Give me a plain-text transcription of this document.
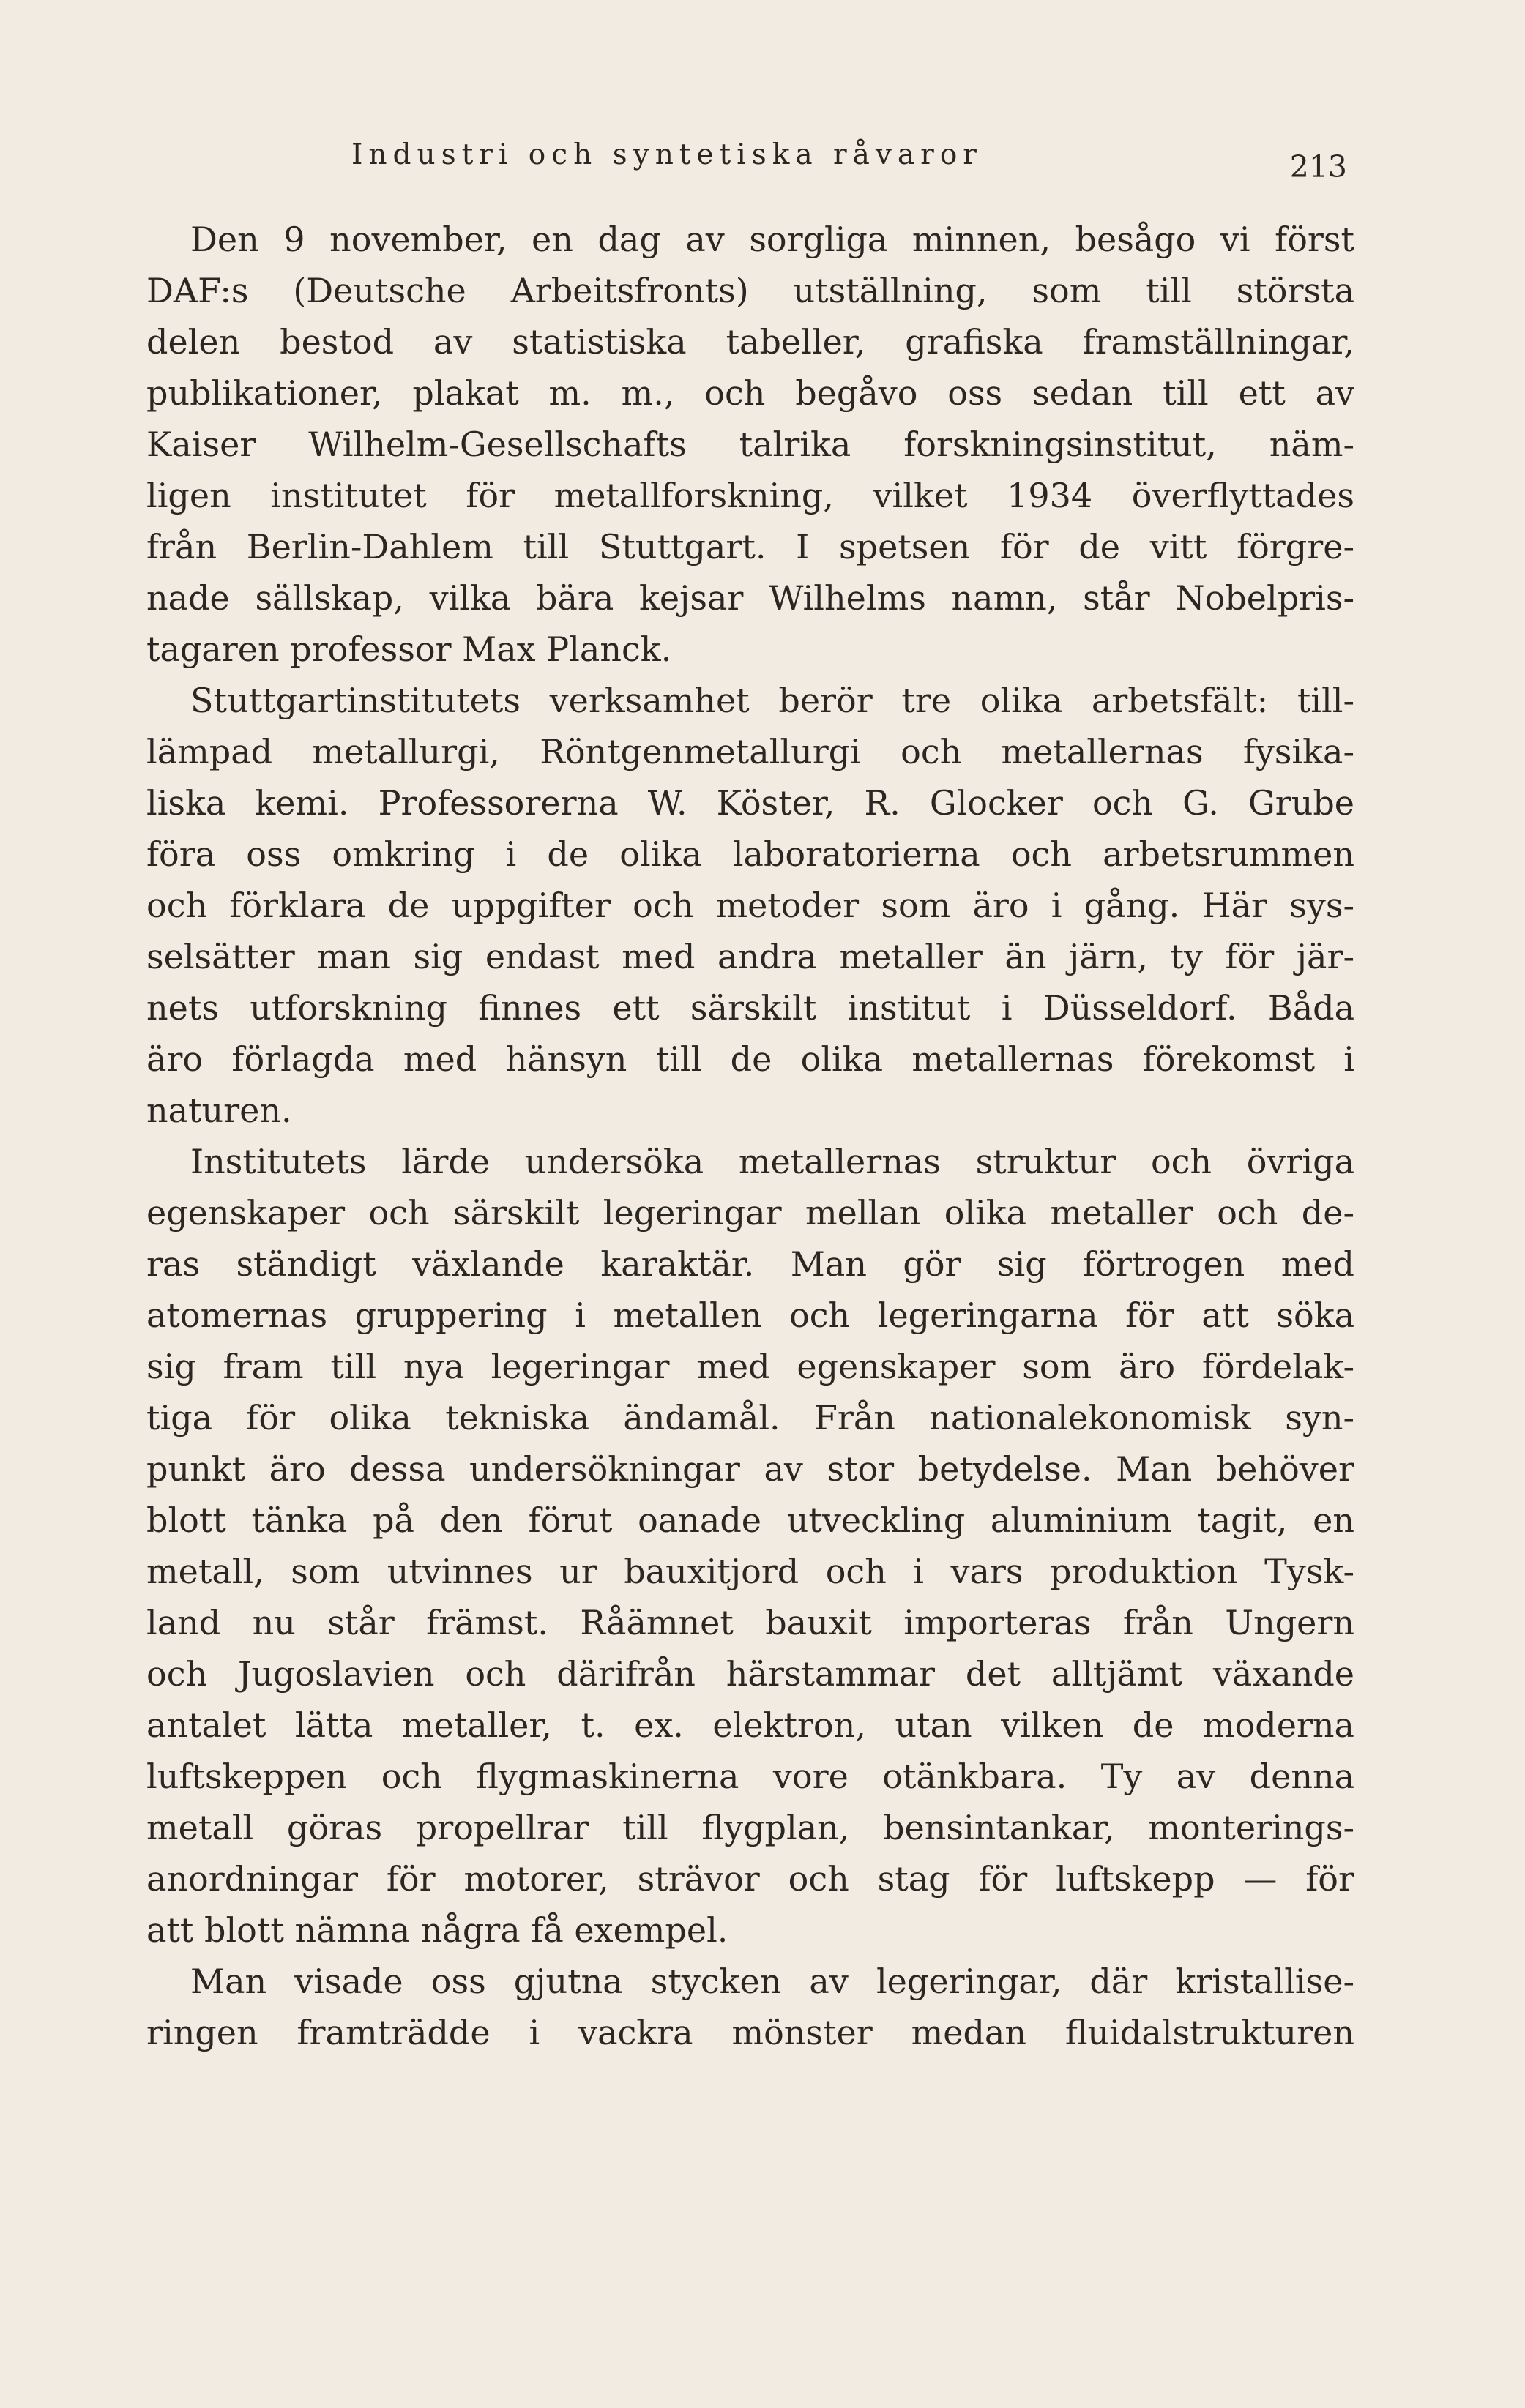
Industri och syntetiska råvaror	213
Den 9 november, en dag av sorgliga minnen, besågo vi först
DAF:s (Deutsche Arbeitsfronts) utställning, som till största
delen bestod av statistiska tabeller, grafiska framställningar,
publikationer, plakat m. m., och begåvo oss sedan till ett av
Kaiser Wilhelm-Gesellschafts talrika forskningsinstitut, näm-
ligen institutet för metallforskning, vilket 1934 överflyttades
från Berlin-Dahlem till Stuttgart. I spetsen för de vitt förgre-
nade sällskap, vilka bära kejsar Wilhelms namn, står Nobelpris-
tagaren professor Max Planck.
Stuttgartinstitutets verksamhet berör tre olika arbetsfält: till-
lämpad metallurgi, Röntgenmetallurgi och metallernas fysika-
liska kemi. Professorerna W. Köster, R. Glocker och G. Grube
föra oss omkring i de olika laboratorierna och arbetsrummen
och förklara de uppgifter och metoder som äro i gång. Här sys-
selsätter man sig endast med andra metaller än järn, ty för jär-
nets utforskning finnes ett särskilt institut i Düsseldorf. Båda
äro förlagda med hänsyn till de olika metallernas förekomst i
naturen.
Institutets lärde undersöka metallernas struktur och övriga
egenskaper och särskilt legeringar mellan olika metaller och de-
ras ständigt växlande karaktär. Man gör sig förtrogen med
atomernas gruppering i metallen och legeringarna för att söka
sig fram till nya legeringar med egenskaper som äro fördelak-
tiga för olika tekniska ändamål. Från nationalekonomisk syn-
punkt äro dessa undersökningar av stor betydelse. Man behöver
blott tänka på den förut oanade utveckling aluminium tagit, en
metall, som utvinnes ur bauxitjord och i vars produktion Tysk-
land nu står främst. Råämnet bauxit importeras från Ungern
och Jugoslavien och därifrån härstammar det alltjämt växande
antalet lätta metaller, t. ex. elektron, utan vilken de moderna
luftskeppen och flygmaskinerna vore otänkbara. Ty av denna
metall göras propellrar till flygplan, bensintankar, monterings-
anordningar för motorer, strävor och stag för luftskepp — för
att blott nämna några få exempel.
Man visade oss gjutna stycken av legeringar, där kristallise-
ringen framträdde i vackra mönster medan fluidalstrukturen
